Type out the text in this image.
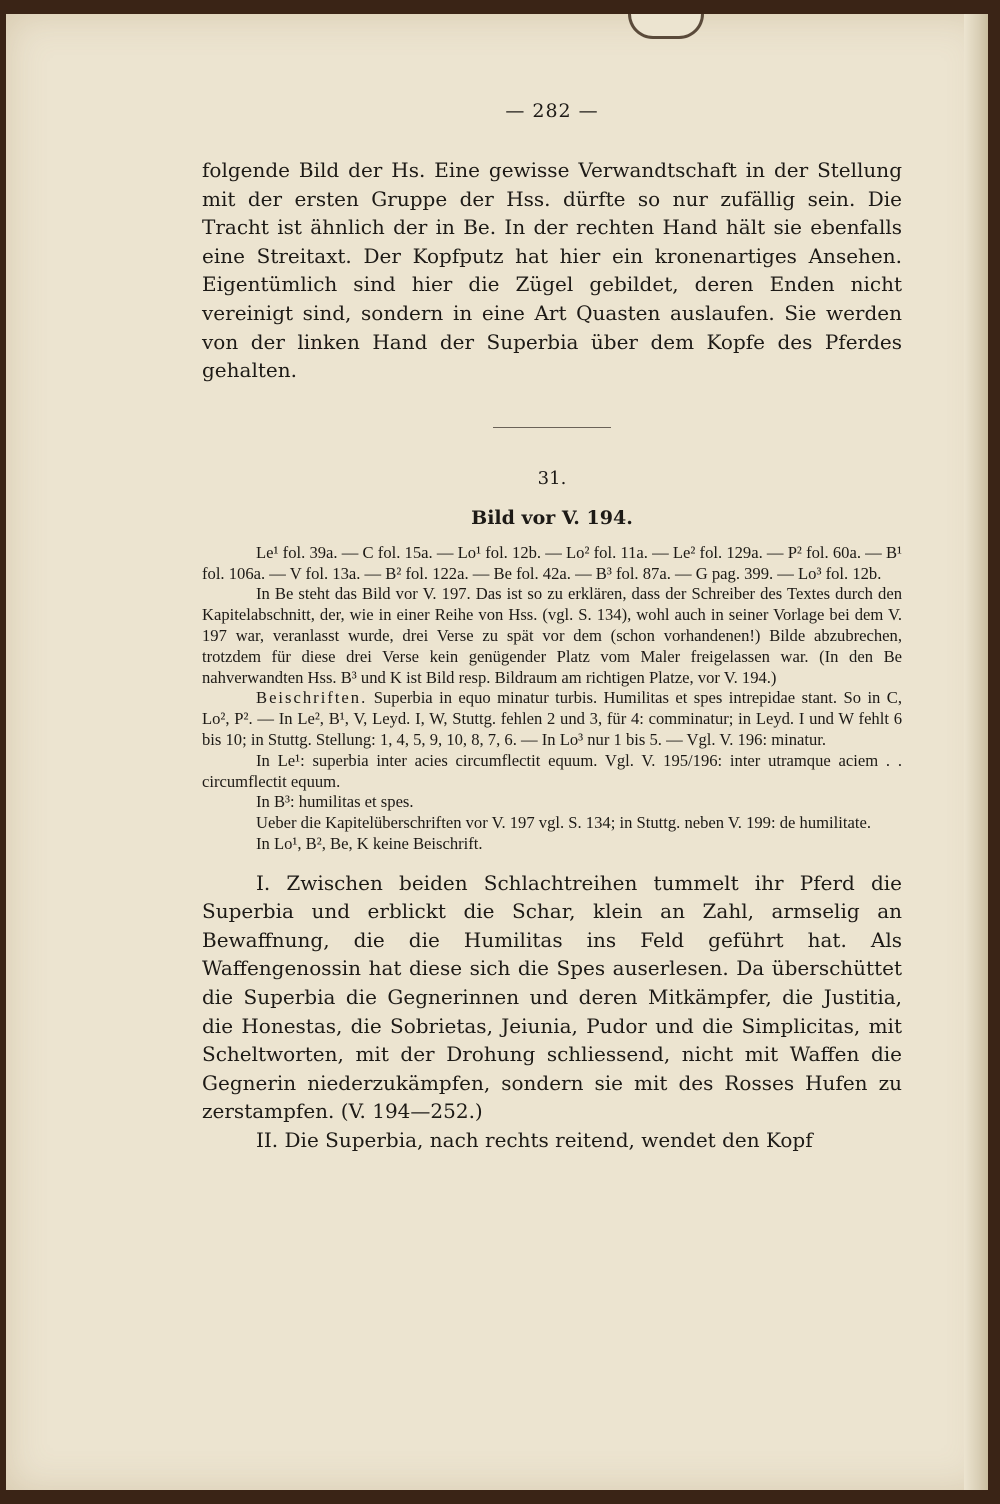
— 282 —

folgende Bild der Hs. Eine gewisse Verwandtschaft in der Stellung mit der ersten Gruppe der Hss. dürfte so nur zufällig sein. Die Tracht ist ähnlich der in Be. In der rechten Hand hält sie ebenfalls eine Streitaxt. Der Kopfputz hat hier ein kronenartiges Ansehen. Eigentümlich sind hier die Zügel gebildet, deren Enden nicht vereinigt sind, sondern in eine Art Quasten auslaufen. Sie werden von der linken Hand der Superbia über dem Kopfe des Pferdes gehalten.

31.
Bild vor V. 194.

Le¹ fol. 39a. — C fol. 15a. — Lo¹ fol. 12b. — Lo² fol. 11a. — Le² fol. 129a. — P² fol. 60a. — B¹ fol. 106a. — V fol. 13a. — B² fol. 122a. — Be fol. 42a. — B³ fol. 87a. — G pag. 399. — Lo³ fol. 12b.

In Be steht das Bild vor V. 197. Das ist so zu erklären, dass der Schreiber des Textes durch den Kapitelabschnitt, der, wie in einer Reihe von Hss. (vgl. S. 134), wohl auch in seiner Vorlage bei dem V. 197 war, veranlasst wurde, drei Verse zu spät vor dem (schon vorhandenen!) Bilde abzubrechen, trotzdem für diese drei Verse kein genügender Platz vom Maler freigelassen war. (In den Be nahverwandten Hss. B³ und K ist Bild resp. Bildraum am richtigen Platze, vor V. 194.)

Beischriften. Superbia in equo minatur turbis. Humilitas et spes intrepidae stant. So in C, Lo², P². — In Le², B¹, V, Leyd. I, W, Stuttg. fehlen 2 und 3, für 4: comminatur; in Leyd. I und W fehlt 6 bis 10; in Stuttg. Stellung: 1, 4, 5, 9, 10, 8, 7, 6. — In Lo³ nur 1 bis 5. — Vgl. V. 196: minatur.

In Le¹: superbia inter acies circumflectit equum. Vgl. V. 195/196: inter utramque aciem . . circumflectit equum.

In B³: humilitas et spes.

Ueber die Kapitelüberschriften vor V. 197 vgl. S. 134; in Stuttg. neben V. 199: de humilitate.

In Lo¹, B², Be, K keine Beischrift.

I. Zwischen beiden Schlachtreihen tummelt ihr Pferd die Superbia und erblickt die Schar, klein an Zahl, armselig an Bewaffnung, die die Humilitas ins Feld geführt hat. Als Waffengenossin hat diese sich die Spes auserlesen. Da überschüttet die Superbia die Gegnerinnen und deren Mitkämpfer, die Justitia, die Honestas, die Sobrietas, Jeiunia, Pudor und die Simplicitas, mit Scheltworten, mit der Drohung schliessend, nicht mit Waffen die Gegnerin niederzukämpfen, sondern sie mit des Rosses Hufen zu zerstampfen. (V. 194—252.)

II. Die Superbia, nach rechts reitend, wendet den Kopf
